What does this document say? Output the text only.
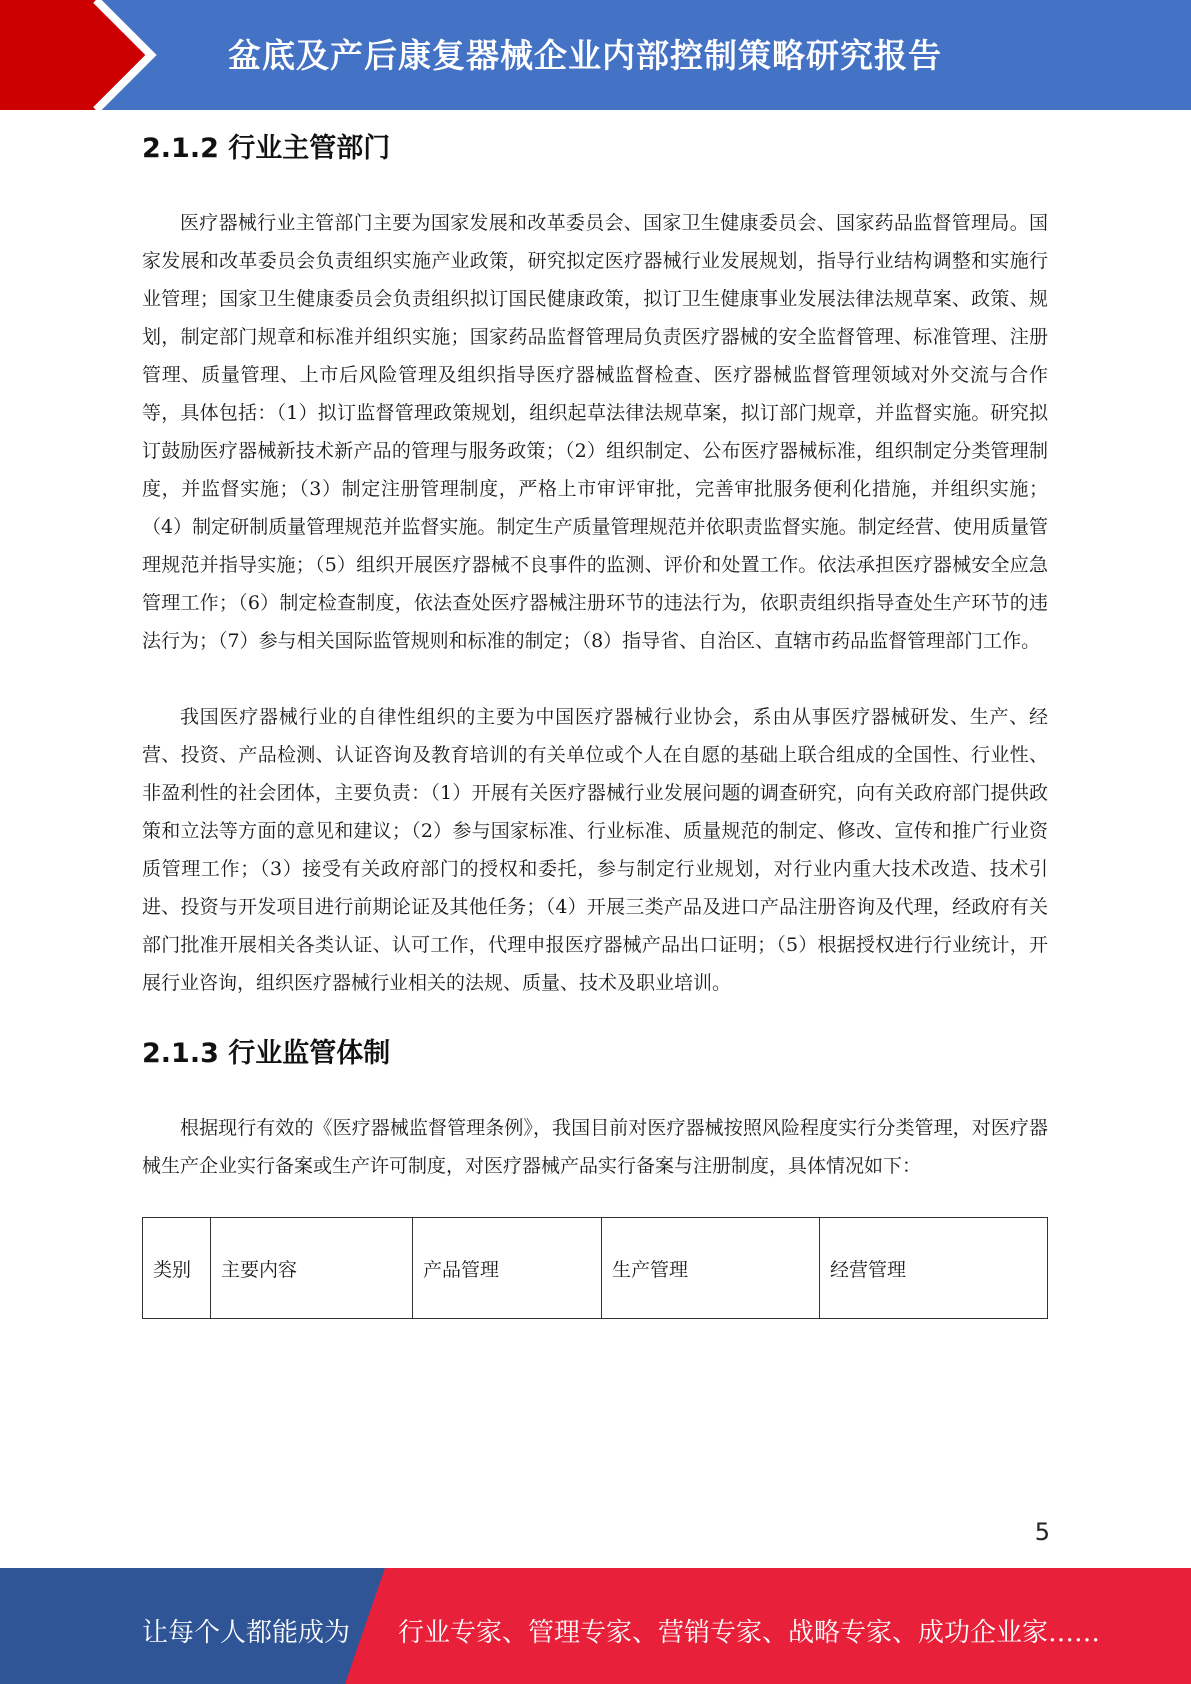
盆底及产后康复器械企业内部控制策略研究报告
2.1.2 行业主管部门

医疗器械行业主管部门主要为国家发展和改革委员会、国家卫生健康委员会、国家药品监督管理局。国家发展和改革委员会负责组织实施产业政策，研究拟定医疗器械行业发展规划，指导行业结构调整和实施行业管理；国家卫生健康委员会负责组织拟订国民健康政策，拟订卫生健康事业发展法律法规草案、政策、规划，制定部门规章和标准并组织实施；国家药品监督管理局负责医疗器械的安全监督管理、标准管理、注册管理、质量管理、上市后风险管理及组织指导医疗器械监督检查、医疗器械监督管理领域对外交流与合作等，具体包括：（1）拟订监督管理政策规划，组织起草法律法规草案，拟订部门规章，并监督实施。研究拟订鼓励医疗器械新技术新产品的管理与服务政策；（2）组织制定、公布医疗器械标准，组织制定分类管理制度，并监督实施；（3）制定注册管理制度，严格上市审评审批，完善审批服务便利化措施，并组织实施；（4）制定研制质量管理规范并监督实施。制定生产质量管理规范并依职责监督实施。制定经营、使用质量管理规范并指导实施；（5）组织开展医疗器械不良事件的监测、评价和处置工作。依法承担医疗器械安全应急管理工作；（6）制定检查制度，依法查处医疗器械注册环节的违法行为，依职责组织指导查处生产环节的违法行为；（7）参与相关国际监管规则和标准的制定；（8）指导省、自治区、直辖市药品监督管理部门工作。

我国医疗器械行业的自律性组织的主要为中国医疗器械行业协会，系由从事医疗器械研发、生产、经营、投资、产品检测、认证咨询及教育培训的有关单位或个人在自愿的基础上联合组成的全国性、行业性、非盈利性的社会团体，主要负责：（1）开展有关医疗器械行业发展问题的调查研究，向有关政府部门提供政策和立法等方面的意见和建议；（2）参与国家标准、行业标准、质量规范的制定、修改、宣传和推广行业资质管理工作；（3）接受有关政府部门的授权和委托，参与制定行业规划，对行业内重大技术改造、技术引进、投资与开发项目进行前期论证及其他任务；（4）开展三类产品及进口产品注册咨询及代理，经政府有关部门批准开展相关各类认证、认可工作，代理申报医疗器械产品出口证明；（5）根据授权进行行业统计，开展行业咨询，组织医疗器械行业相关的法规、质量、技术及职业培训。

2.1.3 行业监管体制

根据现行有效的《医疗器械监督管理条例》，我国目前对医疗器械按照风险程度实行分类管理，对医疗器械生产企业实行备案或生产许可制度，对医疗器械产品实行备案与注册制度，具体情况如下：

类别	主要内容	产品管理	生产管理	经营管理
5
让每个人都能成为 行业专家、管理专家、营销专家、战略专家、成功企业家……
